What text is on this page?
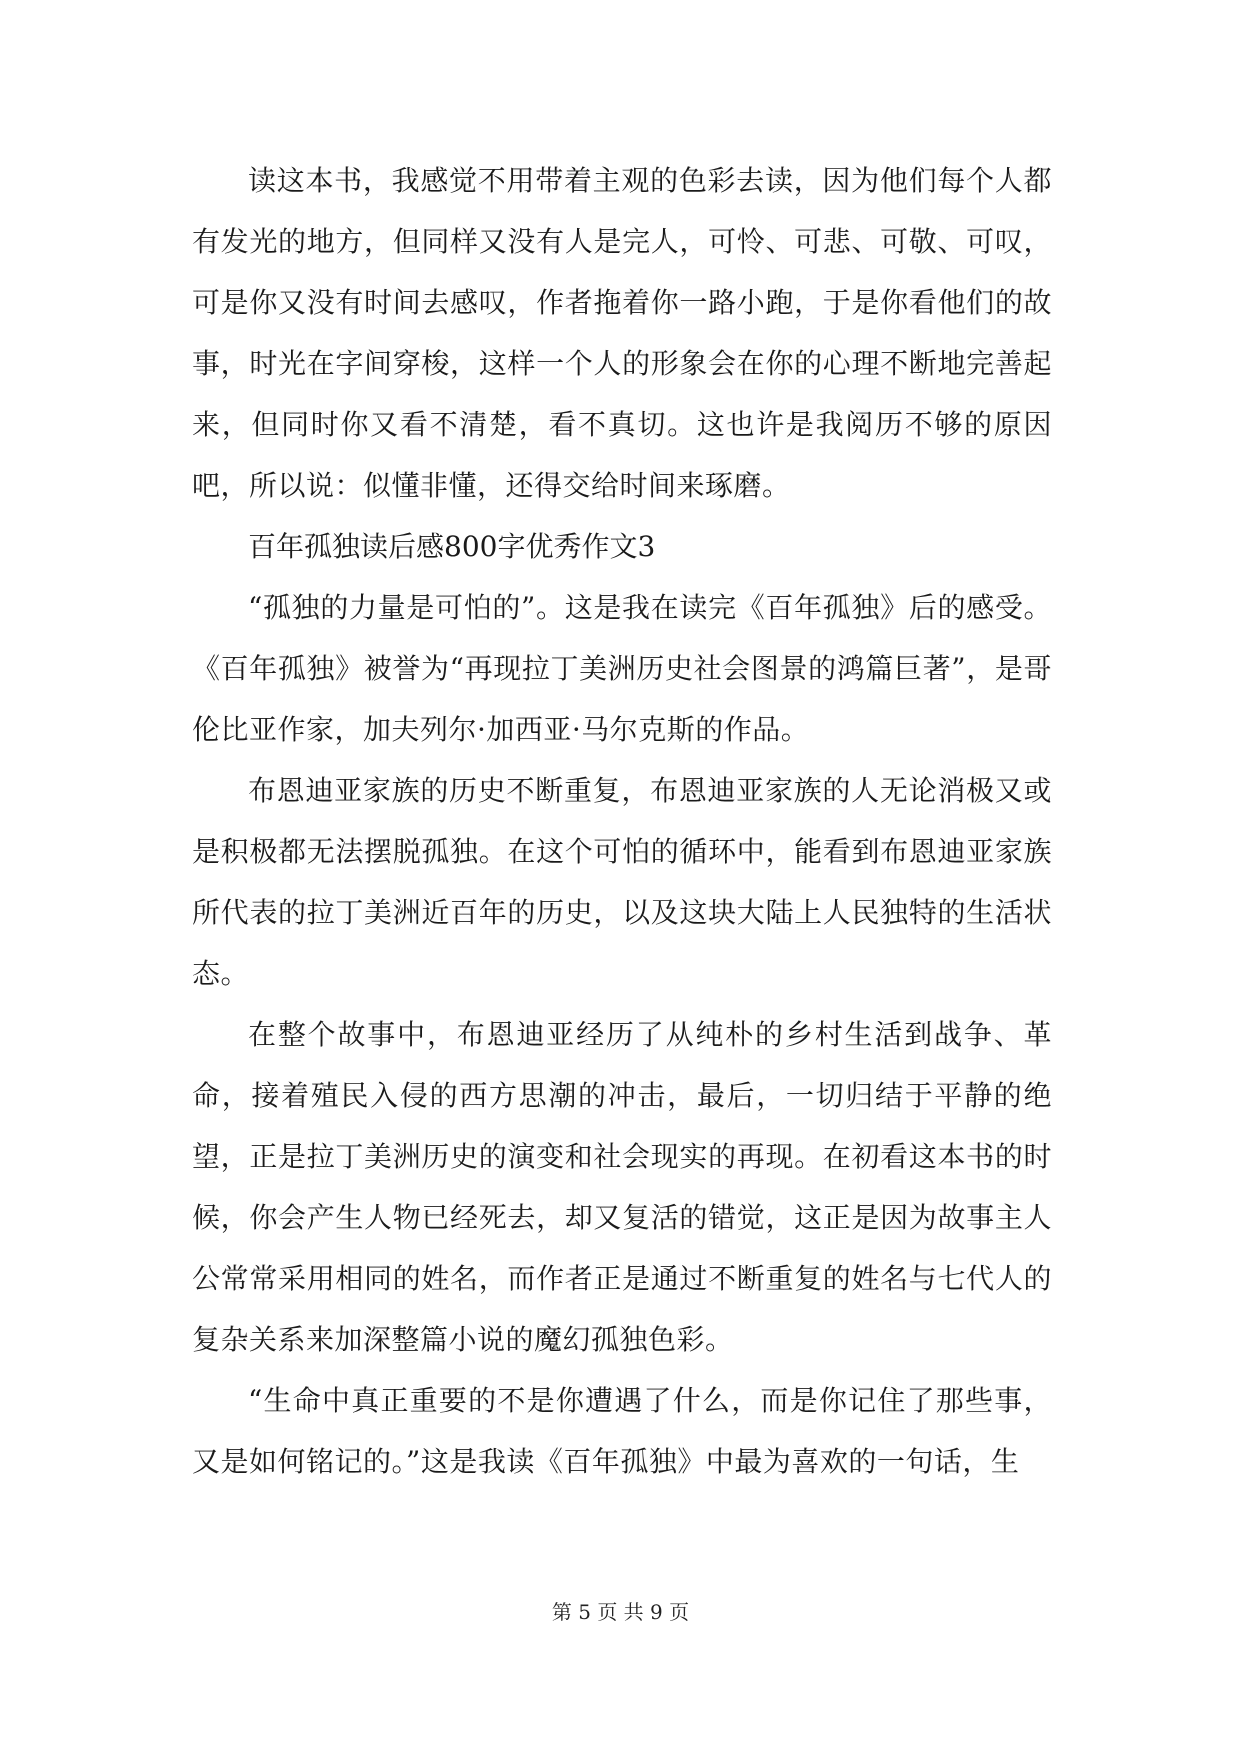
读这本书，我感觉不用带着主观的色彩去读，因为他们每个人都有发光的地方，但同样又没有人是完人，可怜、可悲、可敬、可叹，可是你又没有时间去感叹，作者拖着你一路小跑，于是你看他们的故事，时光在字间穿梭，这样一个人的形象会在你的心理不断地完善起来，但同时你又看不清楚，看不真切。这也许是我阅历不够的原因吧，所以说：似懂非懂，还得交给时间来琢磨。

百年孤独读后感800字优秀作文3

“孤独的力量是可怕的”。这是我在读完《百年孤独》后的感受。《百年孤独》被誉为“再现拉丁美洲历史社会图景的鸿篇巨著”，是哥伦比亚作家，加夫列尔·加西亚·马尔克斯的作品。

布恩迪亚家族的历史不断重复，布恩迪亚家族的人无论消极又或是积极都无法摆脱孤独。在这个可怕的循环中，能看到布恩迪亚家族所代表的拉丁美洲近百年的历史，以及这块大陆上人民独特的生活状态。

在整个故事中，布恩迪亚经历了从纯朴的乡村生活到战争、革命，接着殖民入侵的西方思潮的冲击，最后，一切归结于平静的绝望，正是拉丁美洲历史的演变和社会现实的再现。在初看这本书的时候，你会产生人物已经死去，却又复活的错觉，这正是因为故事主人公常常采用相同的姓名，而作者正是通过不断重复的姓名与七代人的复杂关系来加深整篇小说的魔幻孤独色彩。

“生命中真正重要的不是你遭遇了什么，而是你记住了那些事，又是如何铭记的。”这是我读《百年孤独》中最为喜欢的一句话，生

第 5 页 共 9 页
